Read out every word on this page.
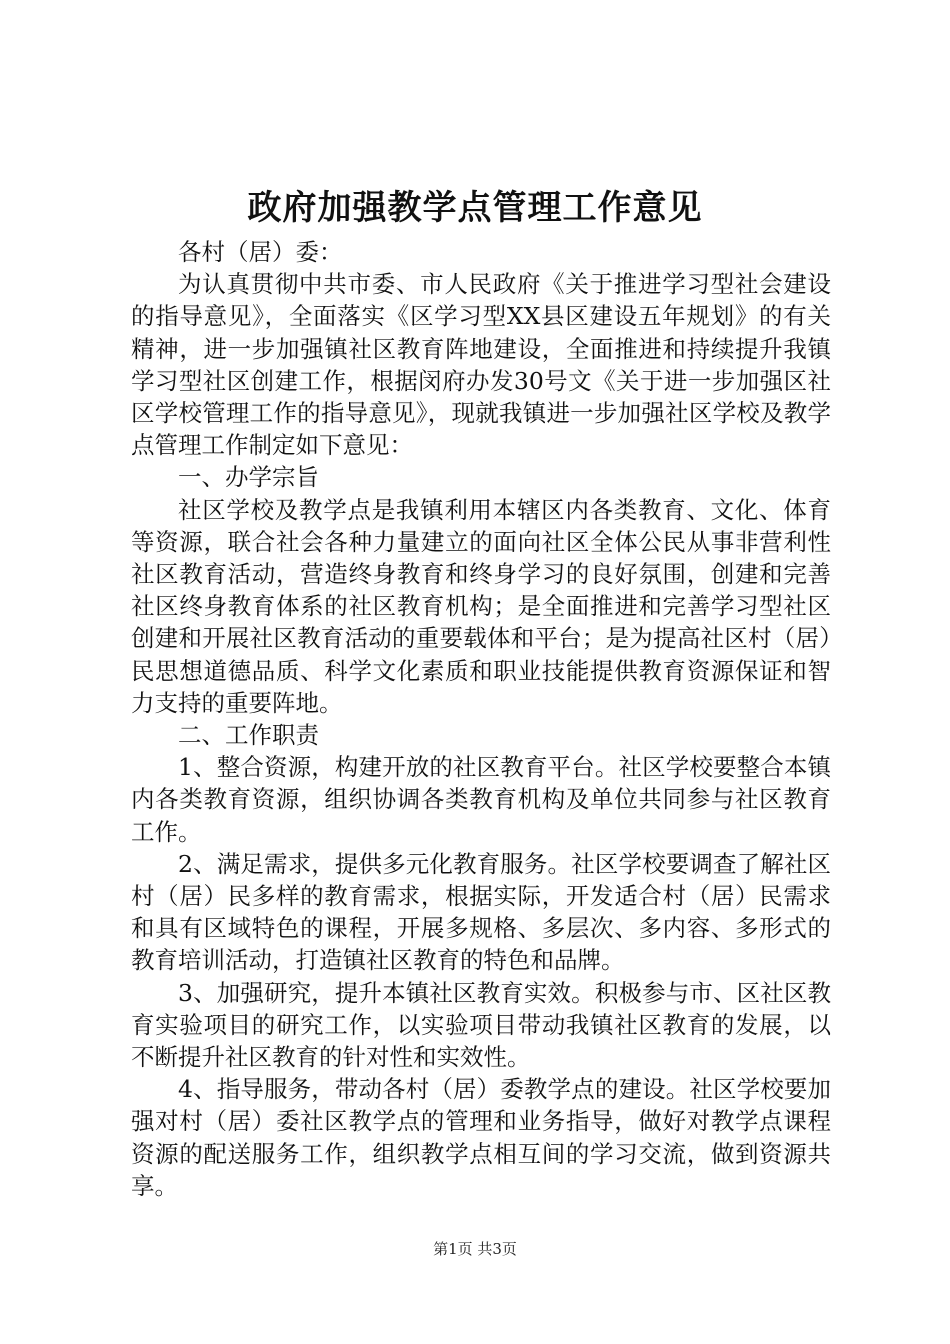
政府加强教学点管理工作意见

各村（居）委：

为认真贯彻中共市委、市人民政府《关于推进学习型社会建设的指导意见》，全面落实《区学习型XX县区建设五年规划》的有关精神，进一步加强镇社区教育阵地建设，全面推进和持续提升我镇学习型社区创建工作，根据闵府办发30号文《关于进一步加强区社区学校管理工作的指导意见》，现就我镇进一步加强社区学校及教学点管理工作制定如下意见：

一、办学宗旨

社区学校及教学点是我镇利用本辖区内各类教育、文化、体育等资源，联合社会各种力量建立的面向社区全体公民从事非营利性社区教育活动，营造终身教育和终身学习的良好氛围，创建和完善社区终身教育体系的社区教育机构；是全面推进和完善学习型社区创建和开展社区教育活动的重要载体和平台；是为提高社区村（居）民思想道德品质、科学文化素质和职业技能提供教育资源保证和智力支持的重要阵地。

二、工作职责

1、整合资源，构建开放的社区教育平台。社区学校要整合本镇内各类教育资源，组织协调各类教育机构及单位共同参与社区教育工作。

2、满足需求，提供多元化教育服务。社区学校要调查了解社区村（居）民多样的教育需求，根据实际，开发适合村（居）民需求和具有区域特色的课程，开展多规格、多层次、多内容、多形式的教育培训活动，打造镇社区教育的特色和品牌。

3、加强研究，提升本镇社区教育实效。积极参与市、区社区教育实验项目的研究工作，以实验项目带动我镇社区教育的发展，以不断提升社区教育的针对性和实效性。

4、指导服务，带动各村（居）委教学点的建设。社区学校要加强对村（居）委社区教学点的管理和业务指导，做好对教学点课程资源的配送服务工作，组织教学点相互间的学习交流，做到资源共享。

第1页 共3页
